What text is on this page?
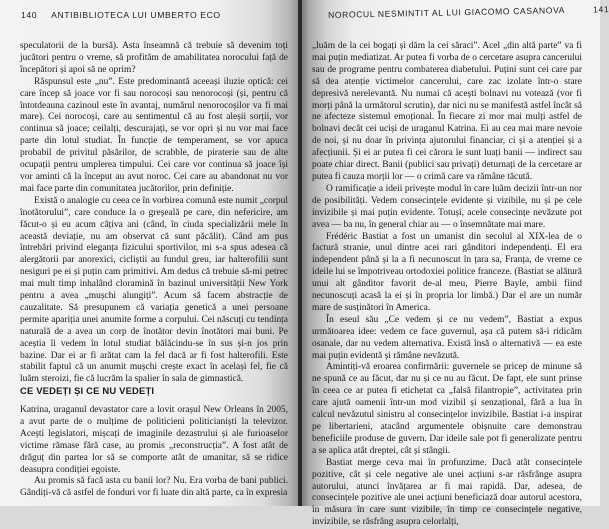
140 ANTIBIBLIOTECA LUI UMBERTO ECO

speculatorii de la bursă). Asta înseamnă că trebuie să devenim toți jucători pentru o vreme, să profităm de amabilitatea norocului față de începători și apoi să ne oprim?

Răspunsul este „nu”. Este predominantă aceeași iluzie optică: cei care încep să joace vor fi sau norocoși sau nenorocoși (și, pentru că întotdeauna cazinoul este în avantaj, numărul nenorocoșilor va fi mai mare). Cei norocoși, care au sentimentul că au fost aleșii sorții, vor continua să joace; ceilalți, descurajați, se vor opri și nu vor mai face parte din lotul studiat. În funcție de temperament, se vor apuca probabil de privitul păsărilor, de scrabble, de piraterie sau de alte ocupații pentru umplerea timpului. Cei care vor continua să joace își vor aminti că la început au avut noroc. Cei care au abandonat nu vor mai face parte din comunitatea jucătorilor, prin definiție.

Există o analogie cu ceea ce în vorbirea comună este numit „corpul înotătorului”, care conduce la o greșeală pe care, din nefericire, am făcut-o și eu acum câțiva ani (când, în ciuda specializării mele în această deviație, nu am observat că sunt păcălit). Când am pus întrebări privind eleganța fizicului sportivilor, mi s-a spus adesea că alergătorii par anorexici, cicliștii au fundul greu, iar halterofilii sunt nesiguri pe ei și puțin cam primitivi. Am dedus că trebuie să-mi petrec mai mult timp inhalând cloramină în bazinul universității New York pentru a avea „mușchi alungiți”. Acum să facem abstracție de cauzalitate. Să presupunem că variația genetică a unei persoane permite apariția unei anumite forme a corpului. Cei născuți cu tendința naturală de a avea un corp de înotător devin înotători mai buni. Pe aceștia îi vedem în lotul studiat bălăcindu-se în sus și-n jos prin bazine. Dar ei ar fi arătat cam la fel dacă ar fi fost halterofili. Este stabilit faptul că un anumit mușchi crește exact în același fel, fie că luăm steroizi, fie că lucrăm la spalier în sala de gimnastică.

CE VEDEȚI ȘI CE NU VEDEȚI

Katrina, uraganul devastator care a lovit orașul New Orleans în 2005, a avut parte de o mulțime de politicieni politicianiști la televizor. Acești legislatori, mișcați de imaginile dezastrului și ale furioaselor victime rămase fără case, au promis „reconstrucția”. A fost atât de drăguț din partea lor să se comporte atât de umanitar, să se ridice deasupra condiției egoiste.

Au promis să facă asta cu banii lor? Nu. Era vorba de bani publici. Gândiți-vă că astfel de fonduri vor fi luate din altă parte, ca în expresia

NOROCUL NESMINTIT AL LUI GIACOMO CASANOVA	141

„luăm de la cei bogați și dăm la cei săraci”. Acel „din altă parte” va fi mai puțin mediatizat. Ar putea fi vorba de o cercetare asupra cancerului sau de programe pentru combaterea diabetului. Puțini sunt cei care par să dea atenție victimelor cancerului, care zac izolate într-o stare depresivă nerelevantă. Nu numai că acești bolnavi nu votează (vor fi morți până la următorul scrutin), dar nici nu se manifestă astfel încât să ne afecteze sistemul emoțional. În fiecare zi mor mai mulți astfel de bolnavi decât cei uciși de uraganul Katrina. Ei au cea mai mare nevoie de noi, și nu doar în privința ajutorului financiar, ci și a atenției și a afecțiunii. Și ei ar putea fi cei cărora le sunt luați banii — indirect sau poate chiar direct. Banii (publici sau privați) deturnați de la cercetare ar putea fi cauza morții lor — o crimă care va rămâne tăcută.

O ramificație a ideii privește modul în care luăm decizii într-un nor de posibilități. Vedem consecințele evidente și vizibile, nu și pe cele invizibile și mai puțin evidente. Totuși, acele consecințe nevăzute pot avea — ba nu, în general chiar au — o însemnătate mai mare.

Frédéric Bastiat a fost un umanist din secolul al XIX-lea de o factură stranie, unul dintre acei rari gânditori independenți. El era independent până și la a fi necunoscut în țara sa, Franța, de vreme ce ideile lui se împotriveau ortodoxiei politice franceze. (Bastiat se alătură unui alt gânditor favorit de-al meu, Pierre Bayle, ambii fiind necunoscuți acasă la ei și în propria lor limbă.) Dar el are un număr mare de susținători în America.

În eseul său „Ce vedem și ce nu vedem”, Bastiat a expus următoarea idee: vedem ce face guvernul, așa că putem să-i ridicăm osanale, dar nu vedem alternativa. Există însă o alternativă — ea este mai puțin evidentă și rămâne nevăzută.

Amintiți-vă eroarea confirmării: guvernele se pricep de minune să ne spună ce au făcut, dar nu și ce nu au făcut. De fapt, ele sunt prinse în ceea ce ar putea fi etichetat ca „falsă filantropie”, activitatea prin care ajută oamenii într-un mod vizibil și senzațional, fără a lua în calcul nevăzutul sinistru al consecințelor invizibile. Bastiat i-a inspirat pe libertarieni, atacând argumentele obișnuite care demonstrau beneficiile produse de guvern. Dar ideile sale pot fi generalizate pentru a se aplica atât dreptei, cât și stângii.

Bastiat merge ceva mai în profunzime. Dacă atât consecințele pozitive, cât și cele negative ale unei acțiuni s-ar răsfrânge asupra autorului, atunci învățarea ar fi mai rapidă. Dar, adesea, de consecințele pozitive ale unei acțiuni beneficiază doar autorul acestora, în măsura în care sunt vizibile, în timp ce consecințele negative, invizibile, se răsfrâng asupra celorlalți,
